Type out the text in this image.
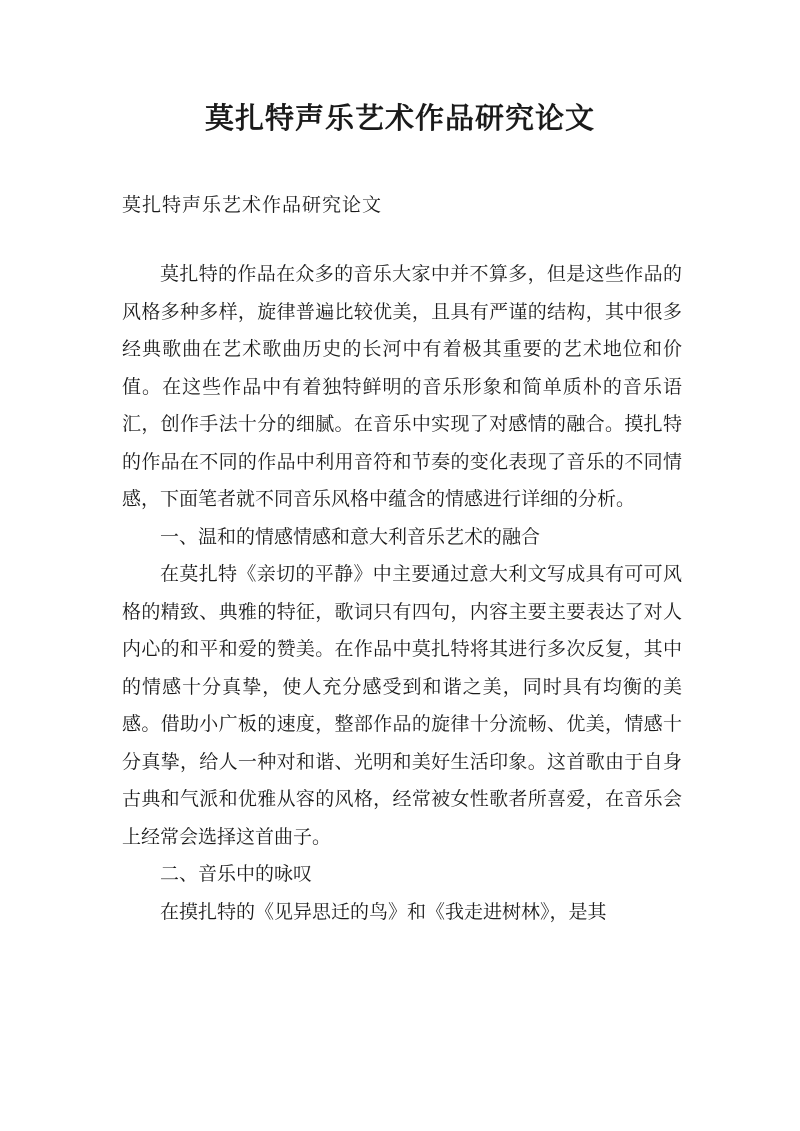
莫扎特声乐艺术作品研究论文

莫扎特声乐艺术作品研究论文

莫扎特的作品在众多的音乐大家中并不算多，但是这些作品的风格多种多样，旋律普遍比较优美，且具有严谨的结构，其中很多经典歌曲在艺术歌曲历史的长河中有着极其重要的艺术地位和价值。在这些作品中有着独特鲜明的音乐形象和简单质朴的音乐语汇，创作手法十分的细腻。在音乐中实现了对感情的融合。摸扎特的作品在不同的作品中利用音符和节奏的变化表现了音乐的不同情感，下面笔者就不同音乐风格中蕴含的情感进行详细的分析。

一、温和的情感情感和意大利音乐艺术的融合

在莫扎特《亲切的平静》中主要通过意大利文写成具有可可风格的精致、典雅的特征，歌词只有四句，内容主要主要表达了对人内心的和平和爱的赞美。在作品中莫扎特将其进行多次反复，其中的情感十分真挚，使人充分感受到和谐之美，同时具有均衡的美感。借助小广板的速度，整部作品的旋律十分流畅、优美，情感十分真挚，给人一种对和谐、光明和美好生活印象。这首歌由于自身古典和气派和优雅从容的风格，经常被女性歌者所喜爱，在音乐会上经常会选择这首曲子。

二、音乐中的咏叹

在摸扎特的《见异思迁的鸟》和《我走进树林》，是其
